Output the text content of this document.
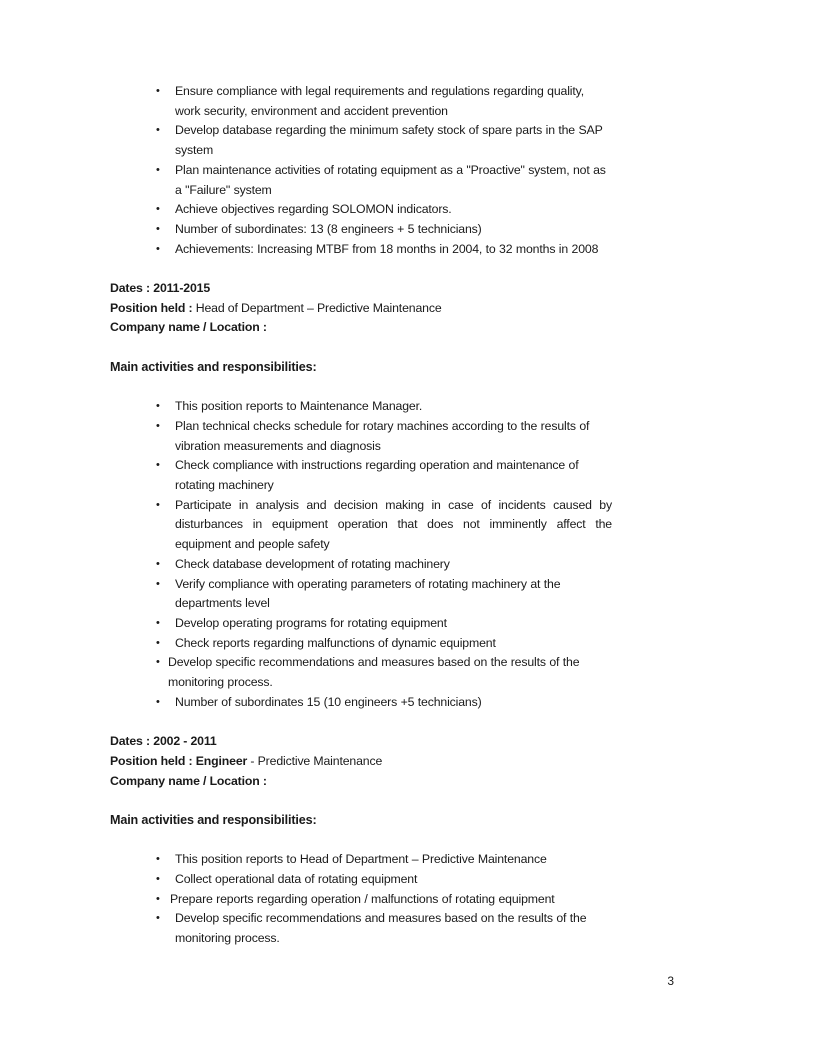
• Ensure compliance with legal requirements and regulations regarding quality, work security, environment and accident prevention
• Develop database regarding the minimum safety stock of spare parts in the SAP system
• Plan maintenance activities of rotating equipment as a "Proactive" system, not as a "Failure" system
• Achieve objectives regarding SOLOMON indicators.
• Number of subordinates: 13 (8 engineers + 5 technicians)
• Achievements: Increasing MTBF from 18 months in 2004, to 32 months in 2008
Dates : 2011-2015
Position held : Head of Department – Predictive Maintenance
Company name / Location :
Main activities and responsibilities:
• This position reports to Maintenance Manager.
• Plan technical checks schedule for rotary machines according to the results of vibration measurements and diagnosis
• Check compliance with instructions regarding operation and maintenance of rotating machinery
• Participate in analysis and decision making in case of incidents caused by disturbances in equipment operation that does not imminently affect the equipment and people safety
• Check database development of rotating machinery
• Verify compliance with operating parameters of rotating machinery at the departments level
• Develop operating programs for rotating equipment
• Check reports regarding malfunctions of dynamic equipment
• Develop specific recommendations and measures based on the results of the monitoring process.
• Number of subordinates 15 (10 engineers +5 technicians)
Dates : 2002 - 2011
Position held : Engineer - Predictive Maintenance
Company name / Location :
Main activities and responsibilities:
• This position reports to Head of Department – Predictive Maintenance
• Collect operational data of rotating equipment
• Prepare reports regarding operation / malfunctions of rotating equipment
• Develop specific recommendations and measures based on the results of the monitoring process.
3
